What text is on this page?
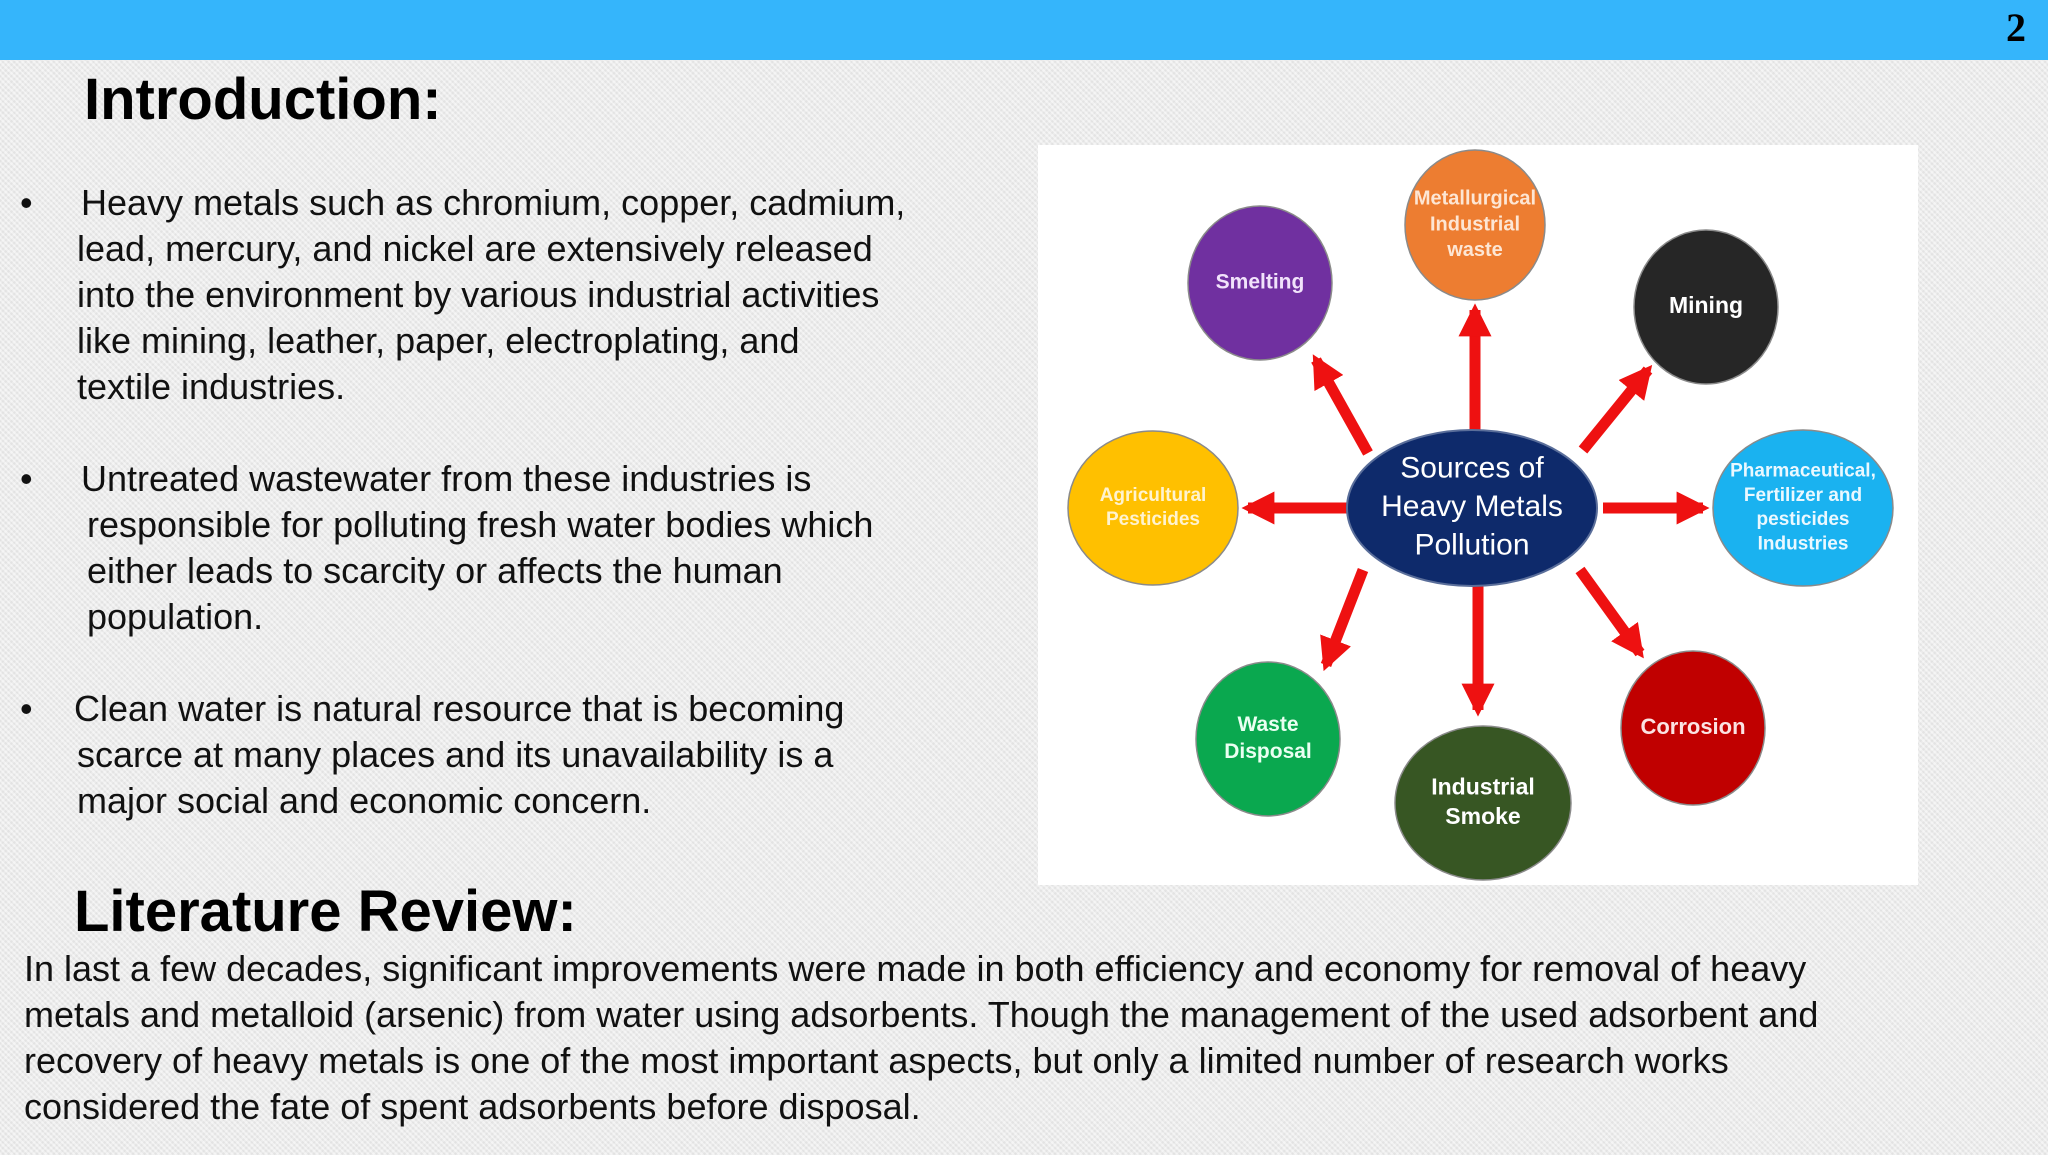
2
Introduction:
•	Heavy metals such as chromium, copper, cadmium,
lead, mercury, and nickel are extensively released
into the environment by various industrial activities
like mining, leather, paper, electroplating, and
textile industries.
•	Untreated wastewater from these industries is
responsible for polluting fresh water bodies which
either leads to scarcity or affects the human
population.
•	Clean water is natural resource that is becoming
scarce at many places and its unavailability is a
major social and economic concern.
Metallurgical
Industrial
waste
Mining
Pharmaceutical,
Fertilizer and
pesticides
Industries
Corrosion
Industrial
Smoke
Waste
Disposal
Agricultural
Pesticides
Smelting
Sources of
Heavy Metals
Pollution
Literature Review:

In last a few decades, significant improvements were made in both efficiency and economy for removal of heavy metals and metalloid (arsenic) from water using adsorbents. Though the management of the used adsorbent and recovery of heavy metals is one of the most important aspects, but only a limited number of research works considered the fate of spent adsorbents before disposal.
